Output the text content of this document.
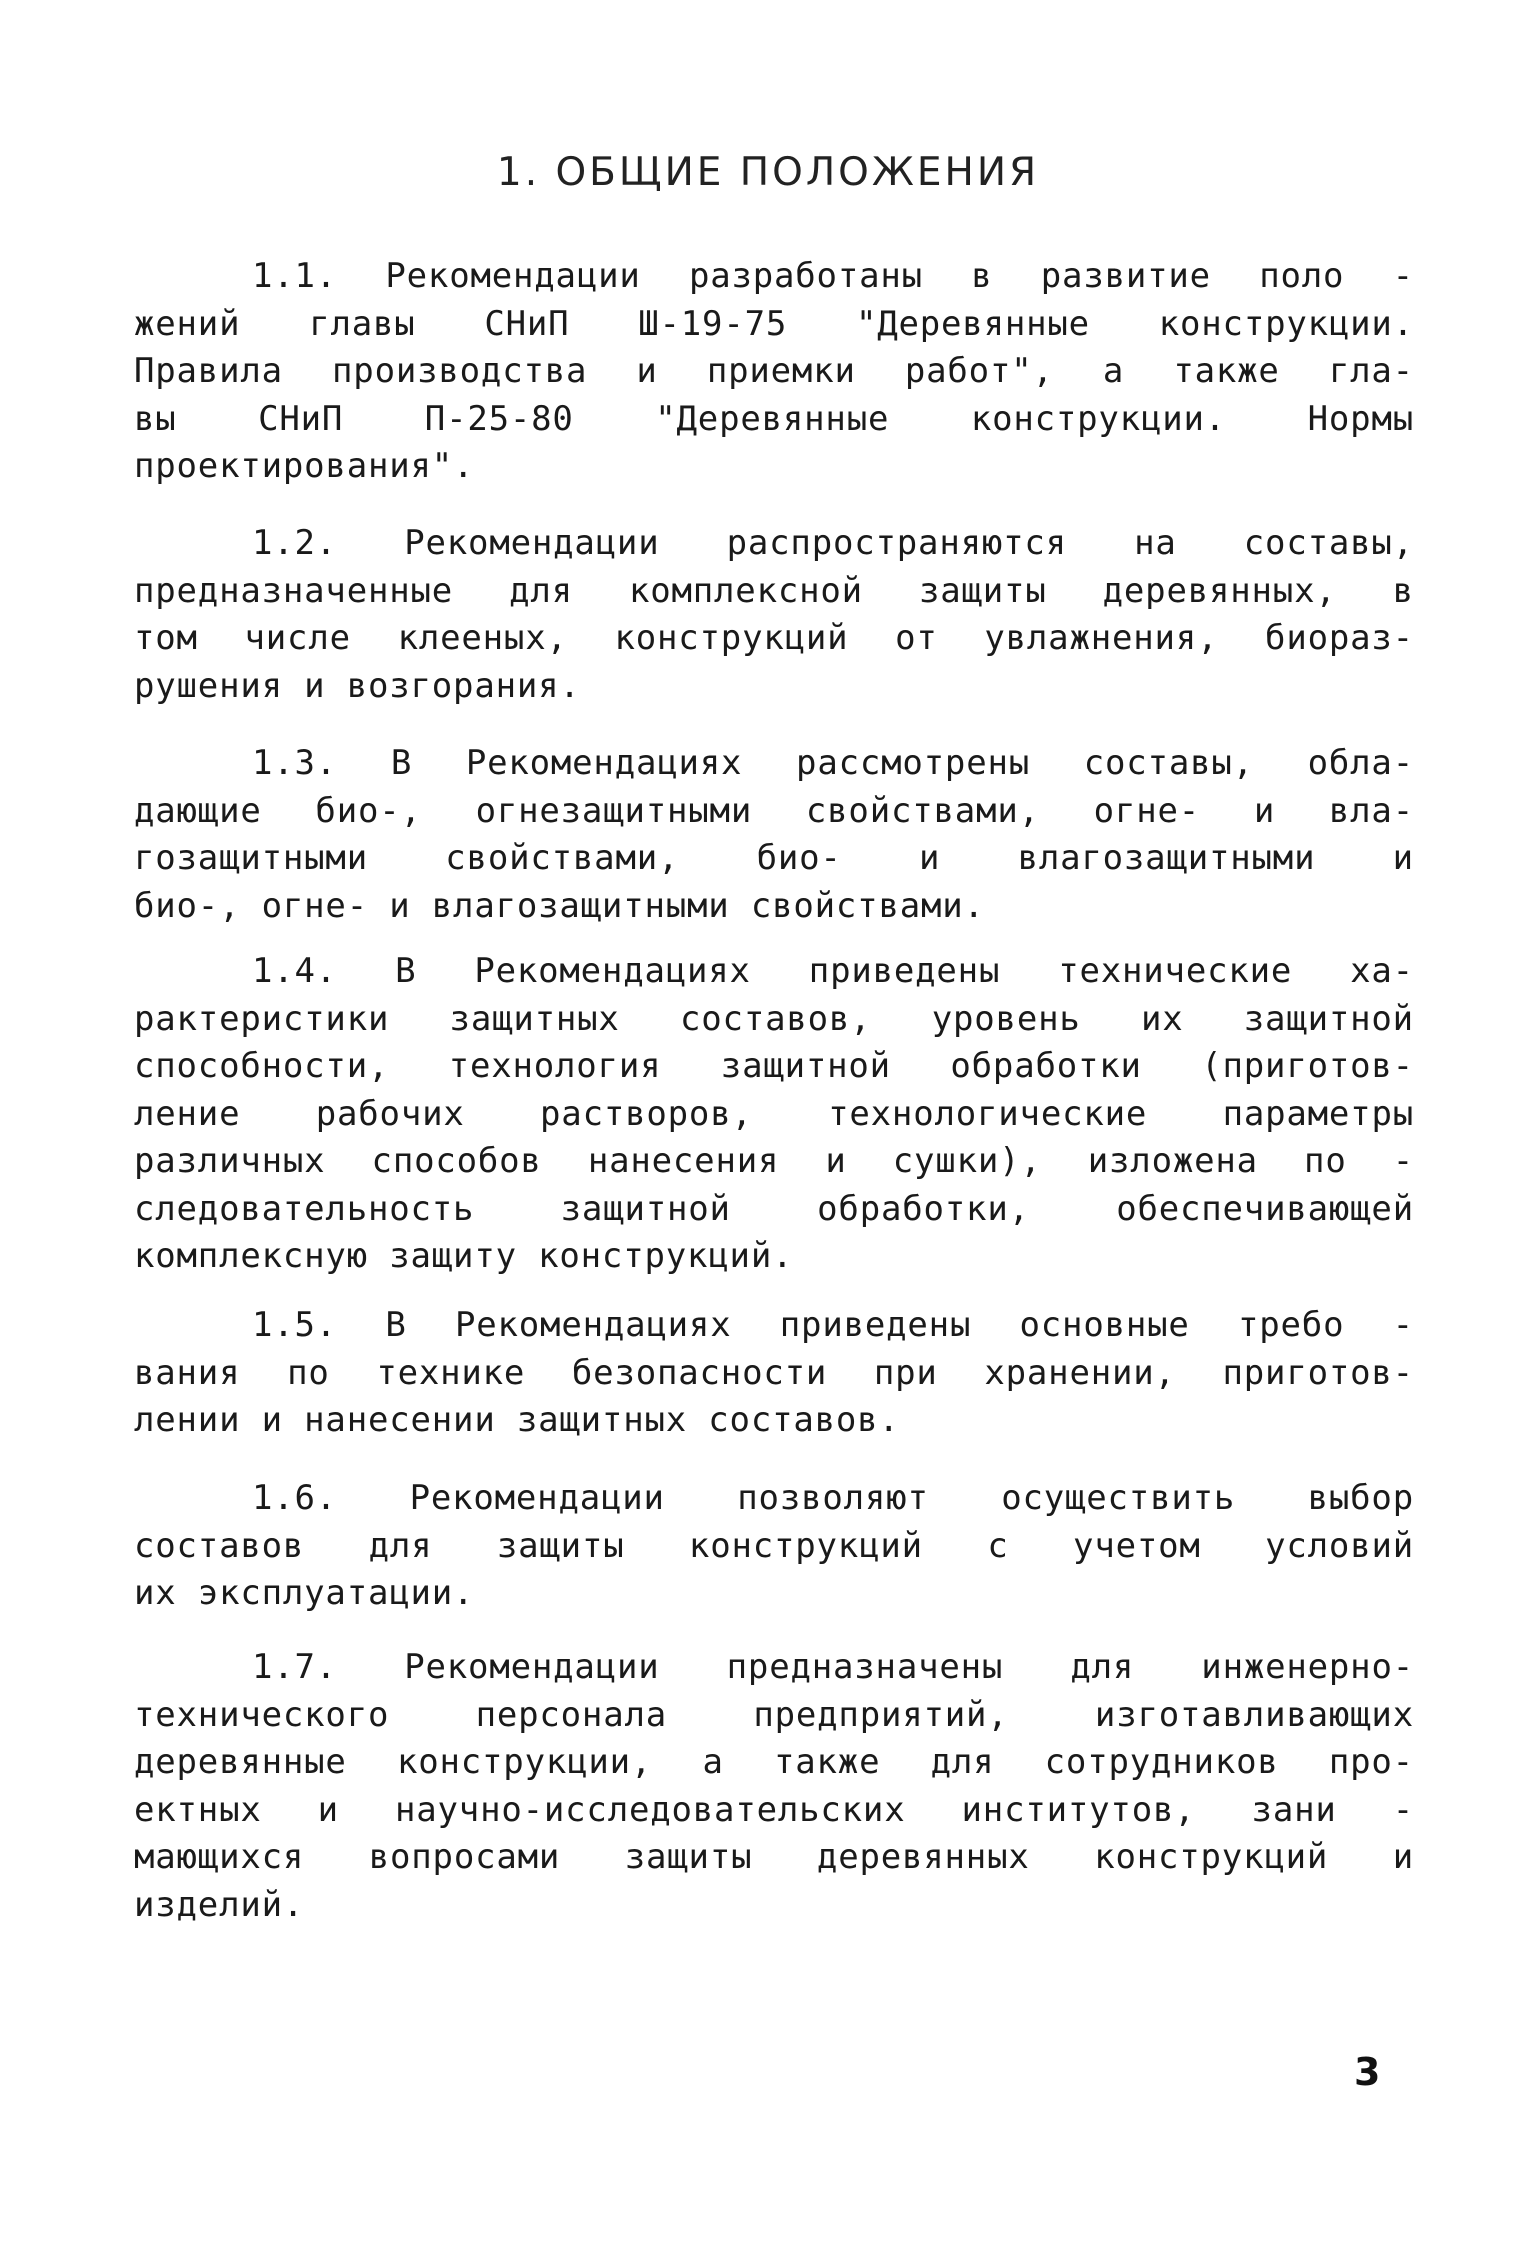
1. ОБЩИЕ ПОЛОЖЕНИЯ
1.1. Рекомендации разработаны в развитие поло -
жений главы СНиП Ш-19-75 "Деревянные конструкции.
Правила производства и приемки работ", а также гла-
вы СНиП П-25-80 "Деревянные конструкции. Нормы
проектирования".
1.2. Рекомендации распространяются на составы,
предназначенные для комплексной защиты деревянных, в
том числе клееных, конструкций от увлажнения, биораз-
рушения и возгорания.
1.3. В Рекомендациях рассмотрены составы, обла-
дающие био-, огнезащитными свойствами, огне- и вла-
гозащитными свойствами, био- и влагозащитными и
био-, огне- и влагозащитными свойствами.
1.4. В Рекомендациях приведены технические ха-
рактеристики защитных составов, уровень их защитной
способности, технология защитной обработки (приготов-
ление рабочих растворов, технологические параметры
различных способов нанесения и сушки), изложена по -
следовательность	защитной	обработки,	обеспечивающей
комплексную защиту конструкций.
1.5. В Рекомендациях приведены основные требо -
вания по технике безопасности при хранении, приготов-
лении и нанесении защитных составов.
1.6. Рекомендации позволяют осуществить выбор
составов для защиты конструкций с учетом условий
их эксплуатации.
1.7. Рекомендации предназначены для инженерно-
технического	персонала	предприятий,	изготавливающих
деревянные конструкции, а также для сотрудников про-
ектных и научно-исследовательских институтов, зани -
мающихся вопросами защиты деревянных конструкций и
изделий.
3
